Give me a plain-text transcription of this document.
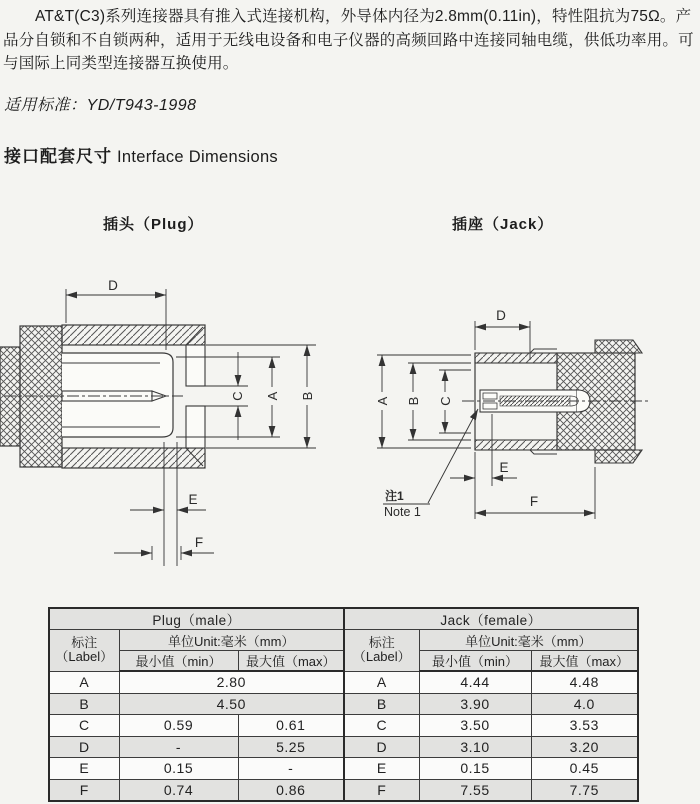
AT&T(C3)系列连接器具有推入式连接机构，外导体内径为2.8mm(0.11in)，特性阻抗为75Ω。产品分自锁和不自锁两种，适用于无线电设备和电子仪器的高频回路中连接同轴电缆，供低功率用。可与国际上同类型连接器互换使用。

适用标准：YD/T943-1998

接口配套尺寸 Interface Dimensions
插头（Plug）	插座（Jack）
D
C A B
E
F
D
A B C
E
F
注1
Note 1
Plug（male）			Jack（female）		

标注
（Label）
	单位Unit:毫米（mm）	标注
（Label）
	单位Unit:毫米（mm）
	最小值（min）	最大值（max）		最小值（min）	最大值（max）
A	2.80		A	4.44	4.48
B	4.50		B	3.90	4.0
C	0.59	0.61	C	3.50	3.53
D	-	5.25	D	3.10	3.20
E	0.15	-	E	0.15	0.45
F	0.74	0.86	F	7.55	7.75
